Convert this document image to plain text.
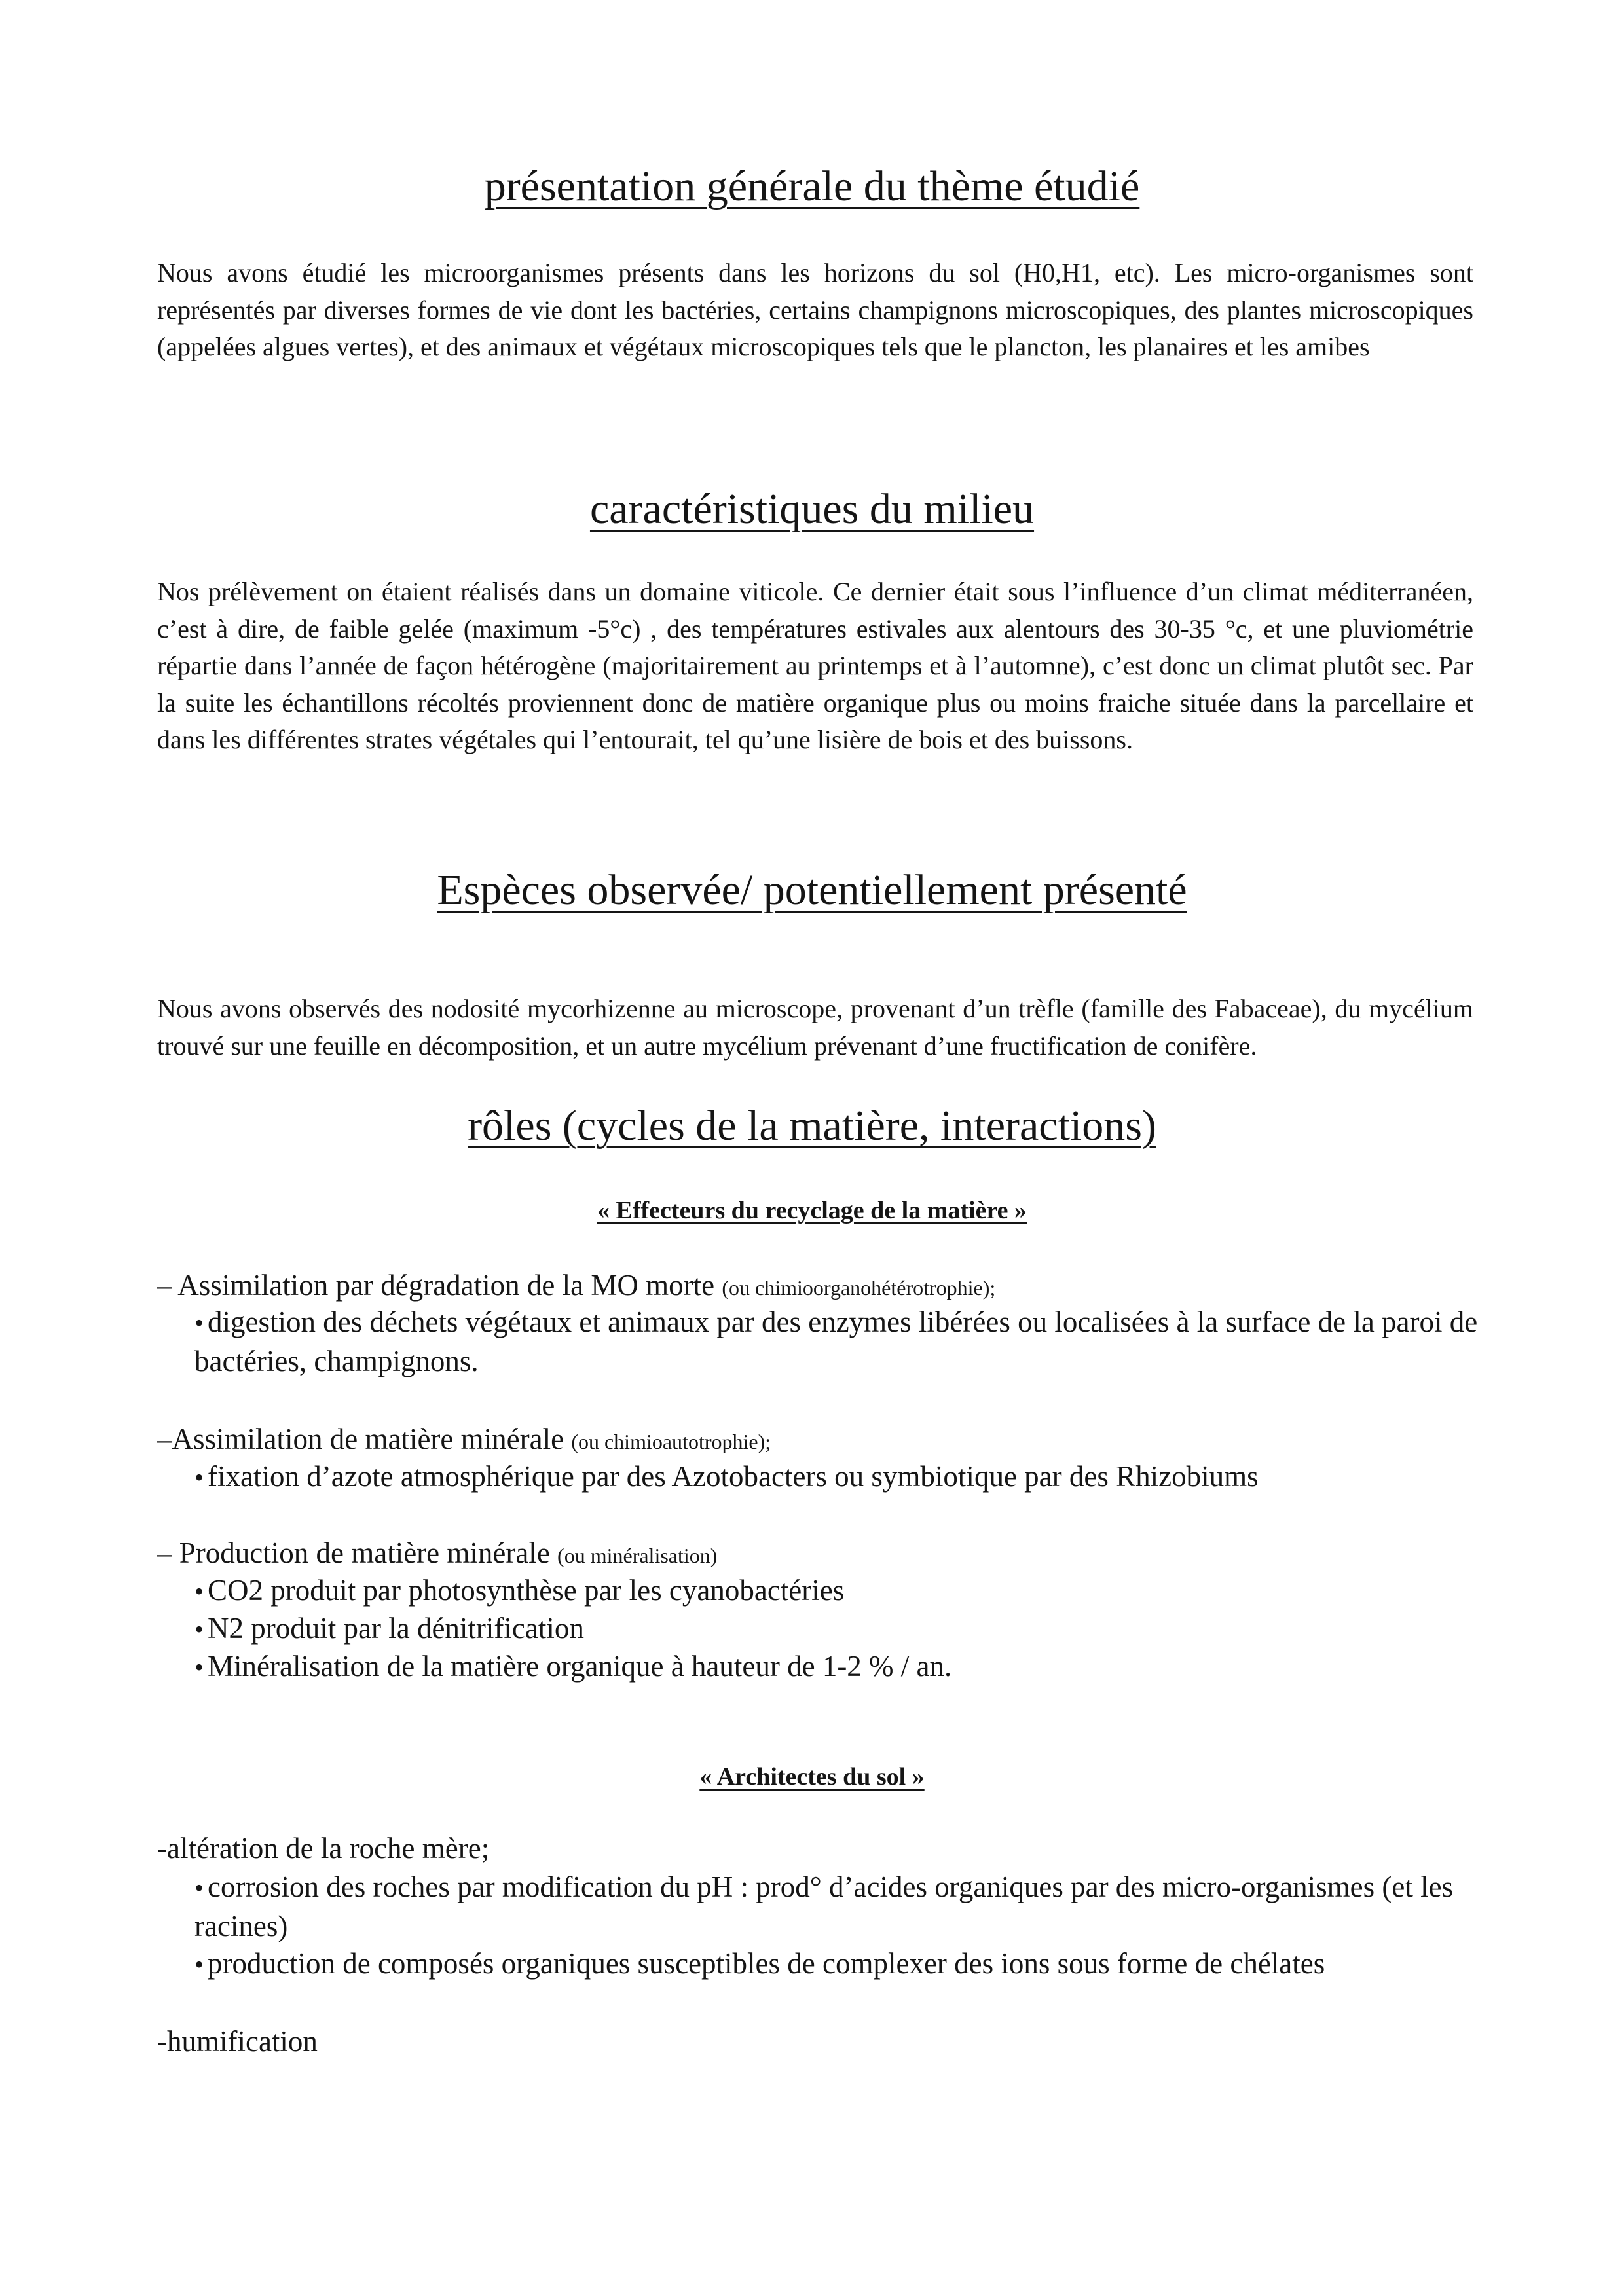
présentation générale du thème étudié

Nous avons étudié les microorganismes présents dans les horizons du sol (H0,H1, etc). Les micro-organismes sont représentés par diverses formes de vie dont les bactéries, certains champignons microscopiques, des plantes microscopiques (appelées algues vertes), et des animaux et végétaux microscopiques tels que le plancton, les planaires et les amibes

caractéristiques du milieu

Nos prélèvement on étaient réalisés dans un domaine viticole. Ce dernier était sous l’influence d’un climat méditerranéen, c’est à dire, de faible gelée (maximum -5°c) , des températures estivales aux alentours des 30-35 °c, et une pluviométrie répartie dans l’année de façon hétérogène (majoritairement au printemps et à l’automne), c’est donc un climat plutôt sec. Par la suite les échantillons récoltés proviennent donc de matière organique plus ou moins fraiche située dans la parcellaire et dans les différentes strates végétales qui l’entourait, tel qu’une lisière de bois et des buissons.

Espèces observée/ potentiellement présenté

Nous avons observés des nodosité mycorhizenne au microscope, provenant d’un trèfle (famille des Fabaceae), du mycélium trouvé sur une feuille en décomposition, et un autre mycélium prévenant d’une fructification de conifère.

rôles (cycles de la matière, interactions)

« Effecteurs du recyclage de la matière »

– Assimilation par dégradation de la MO morte (ou chimioorganohétérotrophie);

• digestion des déchets végétaux et animaux par des enzymes libérées ou localisées à la surface de la paroi de bactéries, champignons.

–Assimilation de matière minérale (ou chimioautotrophie);

• fixation d’azote atmosphérique par des Azotobacters ou symbiotique par des Rhizobiums

– Production de matière minérale (ou minéralisation)

• CO2 produit par photosynthèse par les cyanobactéries

• N2 produit par la dénitrification

• Minéralisation de la matière organique à hauteur de 1-2 % / an.

« Architectes du sol »

-altération de la roche mère;

• corrosion des roches par modification du pH : prod° d’acides organiques par des micro-organismes (et les racines)

• production de composés organiques susceptibles de complexer des ions sous forme de chélates

-humification
